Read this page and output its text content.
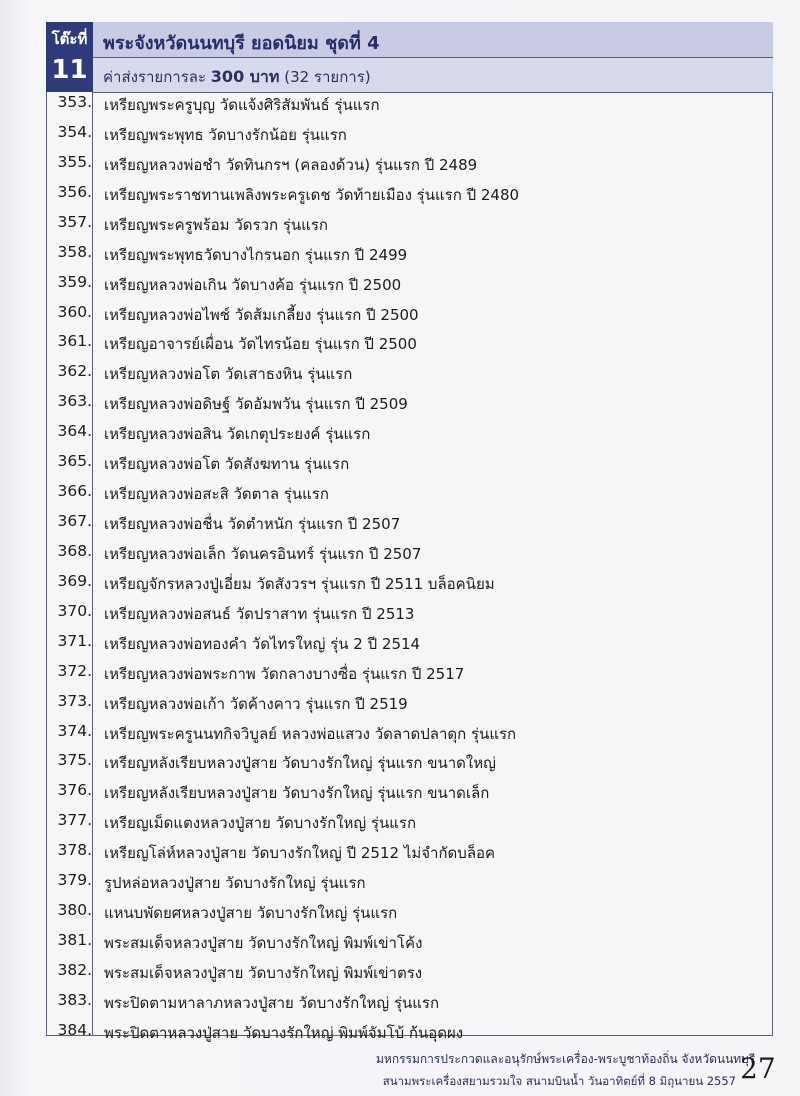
โต๊ะที่
11
พระจังหวัดนนทบุรี ยอดนิยม ชุดที่ 4
ค่าส่งรายการละ 300 บาท (32 รายการ)
353. เหรียญพระครูบุญ วัดแจ้งศิริสัมพันธ์ รุ่นแรก
354. เหรียญพระพุทธ วัดบางรักน้อย รุ่นแรก
355. เหรียญหลวงพ่อชำ วัดทินกรฯ (คลองด้วน) รุ่นแรก ปี 2489
356. เหรียญพระราชทานเพลิงพระครูเดช วัดท้ายเมือง รุ่นแรก ปี 2480
357. เหรียญพระครูพร้อม วัดรวก รุ่นแรก
358. เหรียญพระพุทธวัดบางไกรนอก รุ่นแรก ปี 2499
359. เหรียญหลวงพ่อเกิน วัดบางค้อ รุ่นแรก ปี 2500
360. เหรียญหลวงพ่อไพช์ วัดส้มเกลี้ยง รุ่นแรก ปี 2500
361. เหรียญอาจารย์เผื่อน วัดไทรน้อย รุ่นแรก ปี 2500
362. เหรียญหลวงพ่อโต วัดเสาธงหิน รุ่นแรก
363. เหรียญหลวงพ่อดิษฐ์ วัดอัมพวัน รุ่นแรก ปี 2509
364. เหรียญหลวงพ่อสิน วัดเกตุประยงค์ รุ่นแรก
365. เหรียญหลวงพ่อโต วัดสังฆทาน รุ่นแรก
366. เหรียญหลวงพ่อสะสิ วัดตาล รุ่นแรก
367. เหรียญหลวงพ่อชื่น วัดตำหนัก รุ่นแรก ปี 2507
368. เหรียญหลวงพ่อเล็ก วัดนครอินทร์ รุ่นแรก ปี 2507
369. เหรียญจักรหลวงปู่เอี่ยม วัดสังวรฯ รุ่นแรก ปี 2511 บล็อคนิยม
370. เหรียญหลวงพ่อสนธ์ วัดปราสาท รุ่นแรก ปี 2513
371. เหรียญหลวงพ่อทองคำ วัดไทรใหญ่ รุ่น 2 ปี 2514
372. เหรียญหลวงพ่อพระกาพ วัดกลางบางซื่อ รุ่นแรก ปี 2517
373. เหรียญหลวงพ่อเก้า วัดค้างคาว รุ่นแรก ปี 2519
374. เหรียญพระครูนนทกิจวิบูลย์ หลวงพ่อแสวง วัดลาดปลาดุก รุ่นแรก
375. เหรียญหลังเรียบหลวงปู่สาย วัดบางรักใหญ่ รุ่นแรก ขนาดใหญ่
376. เหรียญหลังเรียบหลวงปู่สาย วัดบางรักใหญ่ รุ่นแรก ขนาดเล็ก
377. เหรียญเม็ดแตงหลวงปู่สาย วัดบางรักใหญ่ รุ่นแรก
378. เหรียญโล่ห์หลวงปู่สาย วัดบางรักใหญ่ ปี 2512 ไม่จำกัดบล็อค
379. รูปหล่อหลวงปู่สาย วัดบางรักใหญ่ รุ่นแรก
380. แหนบพัดยศหลวงปู่สาย วัดบางรักใหญ่ รุ่นแรก
381. พระสมเด็จหลวงปู่สาย วัดบางรักใหญ่ พิมพ์เข่าโค้ง
382. พระสมเด็จหลวงปู่สาย วัดบางรักใหญ่ พิมพ์เข่าตรง
383. พระปิดตามหาลาภหลวงปู่สาย วัดบางรักใหญ่ รุ่นแรก
384. พระปิดตาหลวงปู่สาย วัดบางรักใหญ่ พิมพ์จัมโบ้ ก้นอุดผง
มหกรรมการประกวดและอนุรักษ์พระเครื่อง-พระบูชาท้องถิ่น จังหวัดนนทบุรี
สนามพระเครื่องสยามรวมใจ สนามบินน้ำ วันอาทิตย์ที่ 8 มิถุนายน 2557 27
